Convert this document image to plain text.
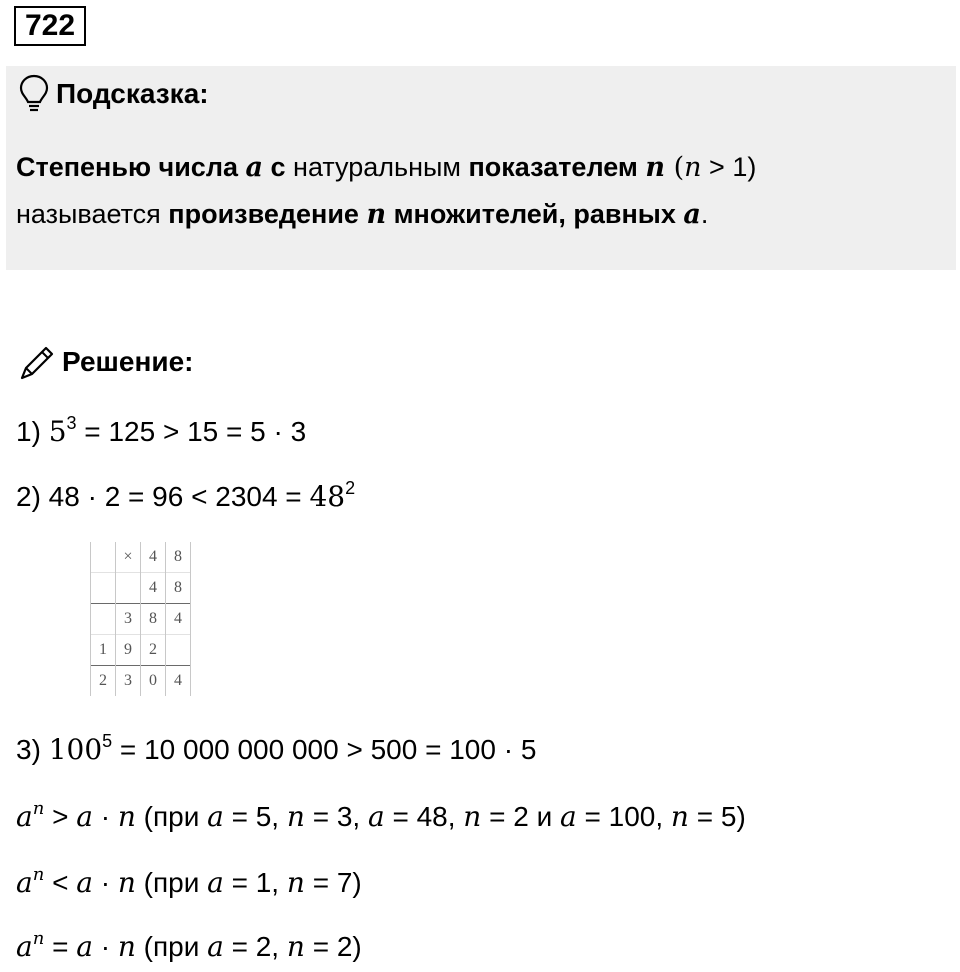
722
Подсказка:
Степенью числа a с натуральным показателем n (n > 1)
называется произведение n множителей, равных a.
Решение:
1) $5^3 = 125 > 15 = 5 \cdot 3$
2) $48 \cdot 2 = 96 < 2304 = 48^2$
	×	4	8
		4	8
	3	8	4
1	9	2	
2	3	0	4
3) $100^5 = 10$ 000 000 000 > 500 = 100 · 5
$a^n > a \cdot n$ (при a = 5, n = 3, a = 48, n = 2 и a = 100, n = 5)
$a^n < a \cdot n$ (при a = 1, n = 7)
$a^n = a \cdot n$ (при a = 2, n = 2)
